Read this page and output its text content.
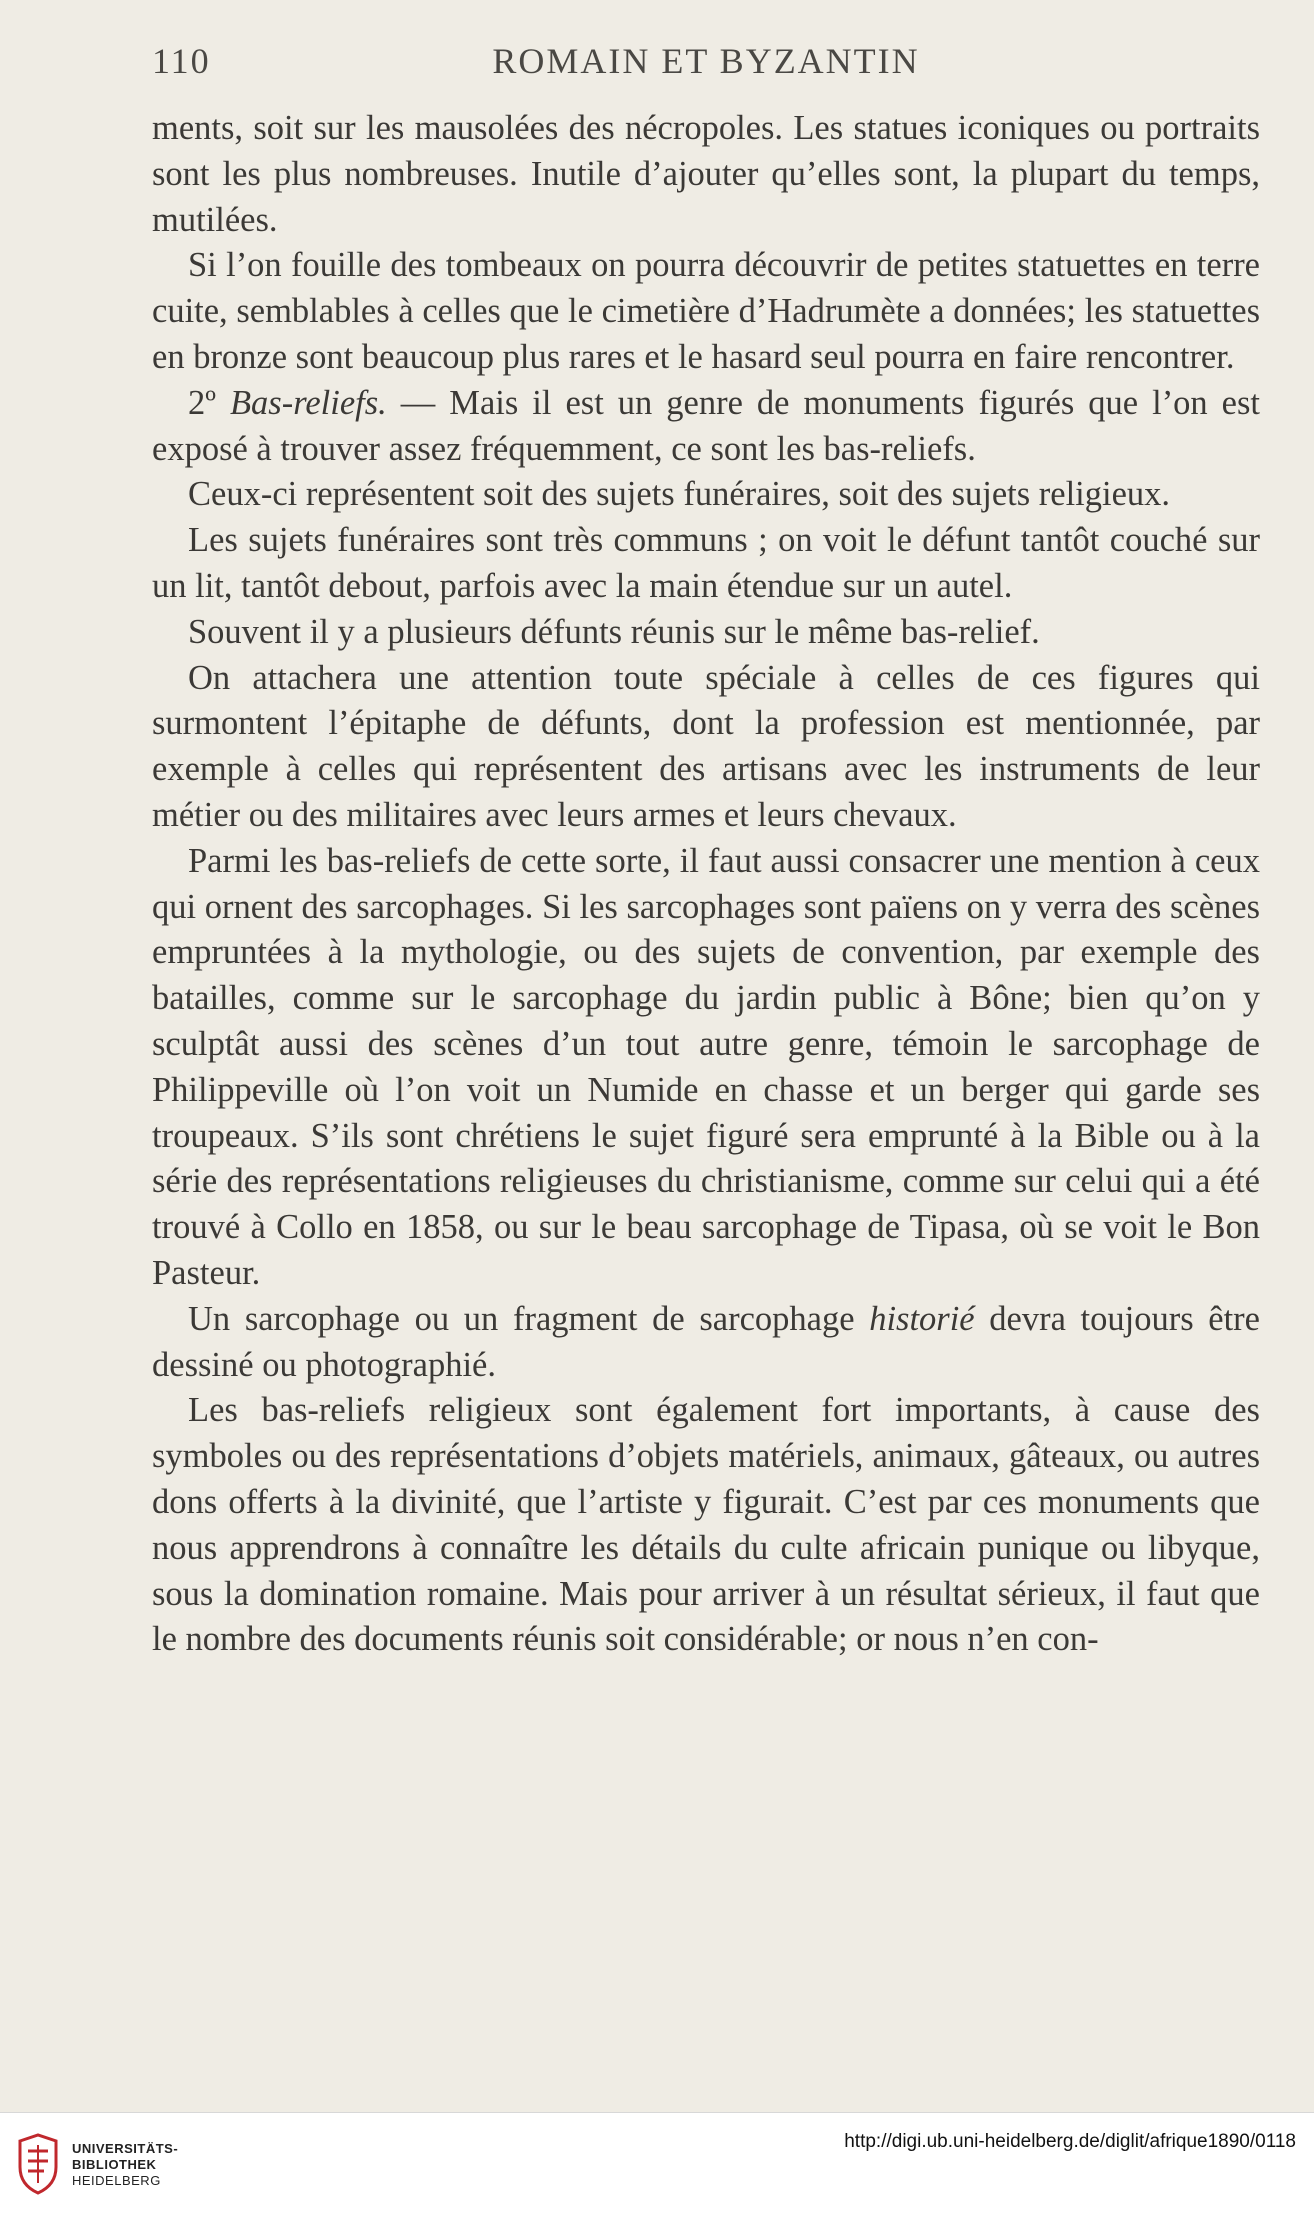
110	ROMAIN ET BYZANTIN

ments, soit sur les mausolées des nécropoles. Les statues iconiques ou portraits sont les plus nombreuses. Inutile d’ajouter qu’elles sont, la plupart du temps, mutilées.

Si l’on fouille des tombeaux on pourra découvrir de petites statuettes en terre cuite, semblables à celles que le cimetière d’Hadrumète a données; les statuettes en bronze sont beaucoup plus rares et le hasard seul pourra en faire rencontrer.

2º Bas-reliefs. — Mais il est un genre de monuments figurés que l’on est exposé à trouver assez fréquemment, ce sont les bas-reliefs.

Ceux-ci représentent soit des sujets funéraires, soit des sujets religieux.

Les sujets funéraires sont très communs ; on voit le défunt tantôt couché sur un lit, tantôt debout, parfois avec la main étendue sur un autel.

Souvent il y a plusieurs défunts réunis sur le même bas-relief.

On attachera une attention toute spéciale à celles de ces figures qui surmontent l’épitaphe de défunts, dont la profession est mentionnée, par exemple à celles qui représentent des artisans avec les instruments de leur métier ou des militaires avec leurs armes et leurs chevaux.

Parmi les bas-reliefs de cette sorte, il faut aussi consacrer une mention à ceux qui ornent des sarcophages. Si les sarcophages sont païens on y verra des scènes empruntées à la mythologie, ou des sujets de convention, par exemple des batailles, comme sur le sarcophage du jardin public à Bône; bien qu’on y sculptât aussi des scènes d’un tout autre genre, témoin le sarcophage de Philippeville où l’on voit un Numide en chasse et un berger qui garde ses troupeaux. S’ils sont chrétiens le sujet figuré sera emprunté à la Bible ou à la série des représentations religieuses du christianisme, comme sur celui qui a été trouvé à Collo en 1858, ou sur le beau sarcophage de Tipasa, où se voit le Bon Pasteur.

Un sarcophage ou un fragment de sarcophage historié devra toujours être dessiné ou photographié.

Les bas-reliefs religieux sont également fort importants, à cause des symboles ou des représentations d’objets matériels, animaux, gâteaux, ou autres dons offerts à la divinité, que l’artiste y figurait. C’est par ces monuments que nous apprendrons à connaître les détails du culte africain punique ou libyque, sous la domination romaine. Mais pour arriver à un résultat sérieux, il faut que le nombre des documents réunis soit considérable; or nous n’en con-

UNIVERSITÄTS-
BIBLIOTHEK
HEIDELBERG
http://digi.ub.uni-heidelberg.de/diglit/afrique1890/0118
